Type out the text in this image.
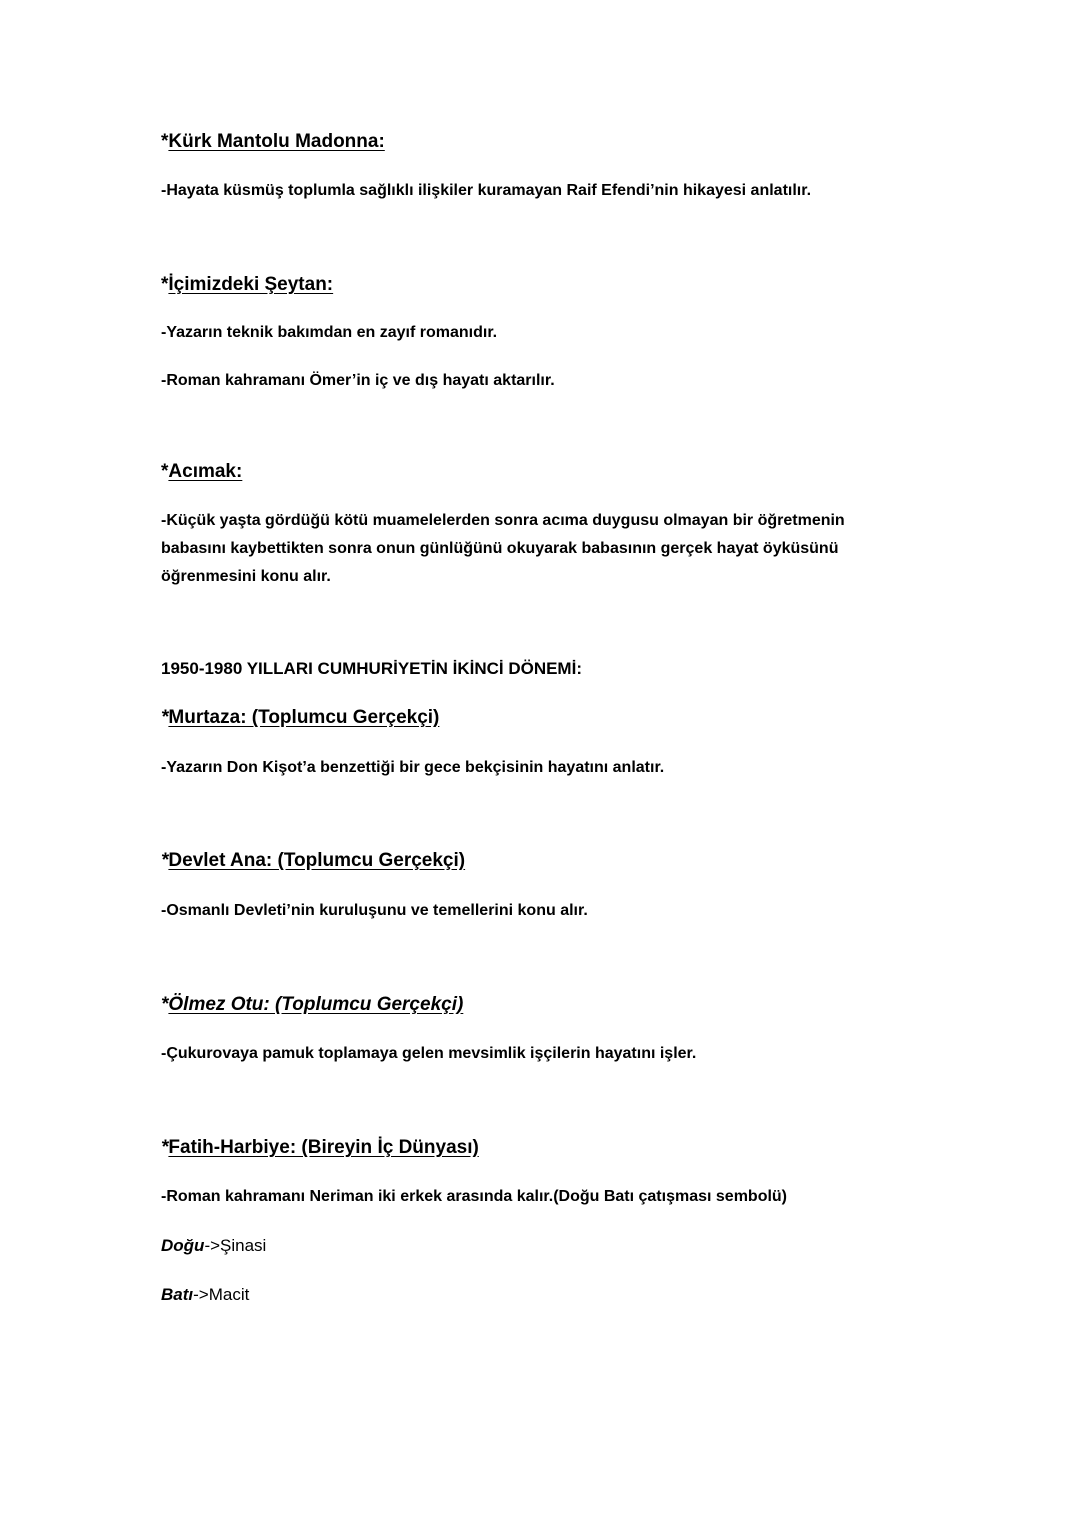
*Kürk Mantolu Madonna:

-Hayata küsmüş toplumla sağlıklı ilişkiler kuramayan Raif Efendi’nin hikayesi anlatılır.

*İçimizdeki Şeytan:

-Yazarın teknik bakımdan en zayıf romanıdır.

-Roman kahramanı Ömer’in iç ve dış hayatı aktarılır.

*Acımak:

-Küçük yaşta gördüğü kötü muamelelerden sonra acıma duygusu olmayan bir öğretmenin

babasını kaybettikten sonra onun günlüğünü okuyarak babasının gerçek hayat öyküsünü

öğrenmesini konu alır.

1950-1980 YILLARI CUMHURİYETİN İKİNCİ DÖNEMİ:

*Murtaza: (Toplumcu Gerçekçi)

-Yazarın Don Kişot’a benzettiği bir gece bekçisinin hayatını anlatır.

*Devlet Ana: (Toplumcu Gerçekçi)

-Osmanlı Devleti’nin kuruluşunu ve temellerini konu alır.

*Ölmez Otu: (Toplumcu Gerçekçi)

-Çukurovaya pamuk toplamaya gelen mevsimlik işçilerin hayatını işler.

*Fatih-Harbiye: (Bireyin İç Dünyası)

-Roman kahramanı Neriman iki erkek arasında kalır.(Doğu Batı çatışması sembolü)

Doğu->Şinasi

Batı->Macit
